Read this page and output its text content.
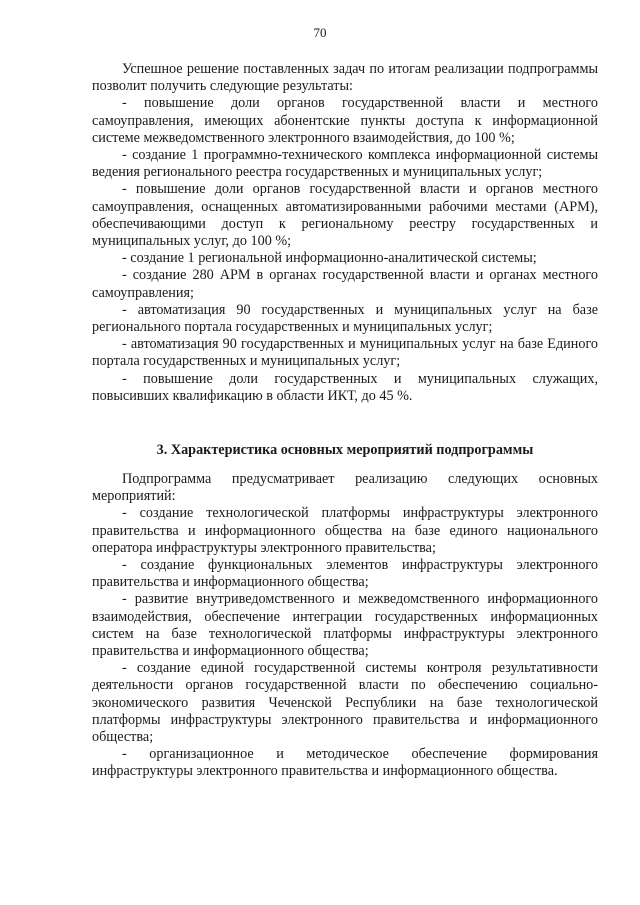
70

Успешное решение поставленных задач по итогам реализации подпрограммы позволит получить следующие результаты:

- повышение доли органов государственной власти и местного самоуправления, имеющих абонентские пункты доступа к информационной системе межведомственного электронного взаимодействия, до 100 %;

- создание 1 программно-технического комплекса информационной системы ведения регионального реестра государственных и муниципальных услуг;

- повышение доли органов государственной власти и органов местного самоуправления, оснащенных автоматизированными рабочими местами (АРМ), обеспечивающими доступ к региональному реестру государственных и муниципальных услуг, до 100 %;

- создание 1 региональной информационно-аналитической системы;

- создание 280 АРМ в органах государственной власти и органах местного самоуправления;

- автоматизация 90 государственных и муниципальных услуг на базе регионального портала государственных и муниципальных услуг;

- автоматизация 90 государственных и муниципальных услуг на базе Единого портала государственных и муниципальных услуг;

- повышение доли государственных и муниципальных служащих, повысивших квалификацию в области ИКТ, до 45 %.

3. Характеристика основных мероприятий подпрограммы

Подпрограмма предусматривает реализацию следующих основных мероприятий:

- создание технологической платформы инфраструктуры электронного правительства и информационного общества на базе единого национального оператора инфраструктуры электронного правительства;

- создание функциональных элементов инфраструктуры электронного правительства и информационного общества;

- развитие внутриведомственного и межведомственного информационного взаимодействия, обеспечение интеграции государственных информационных систем на базе технологической платформы инфраструктуры электронного правительства и информационного общества;

- создание единой государственной системы контроля результативности деятельности органов государственной власти по обеспечению социально-экономического развития Чеченской Республики на базе технологической платформы инфраструктуры электронного правительства и информационного общества;

- организационное и методическое обеспечение формирования инфраструктуры электронного правительства и информационного общества.
